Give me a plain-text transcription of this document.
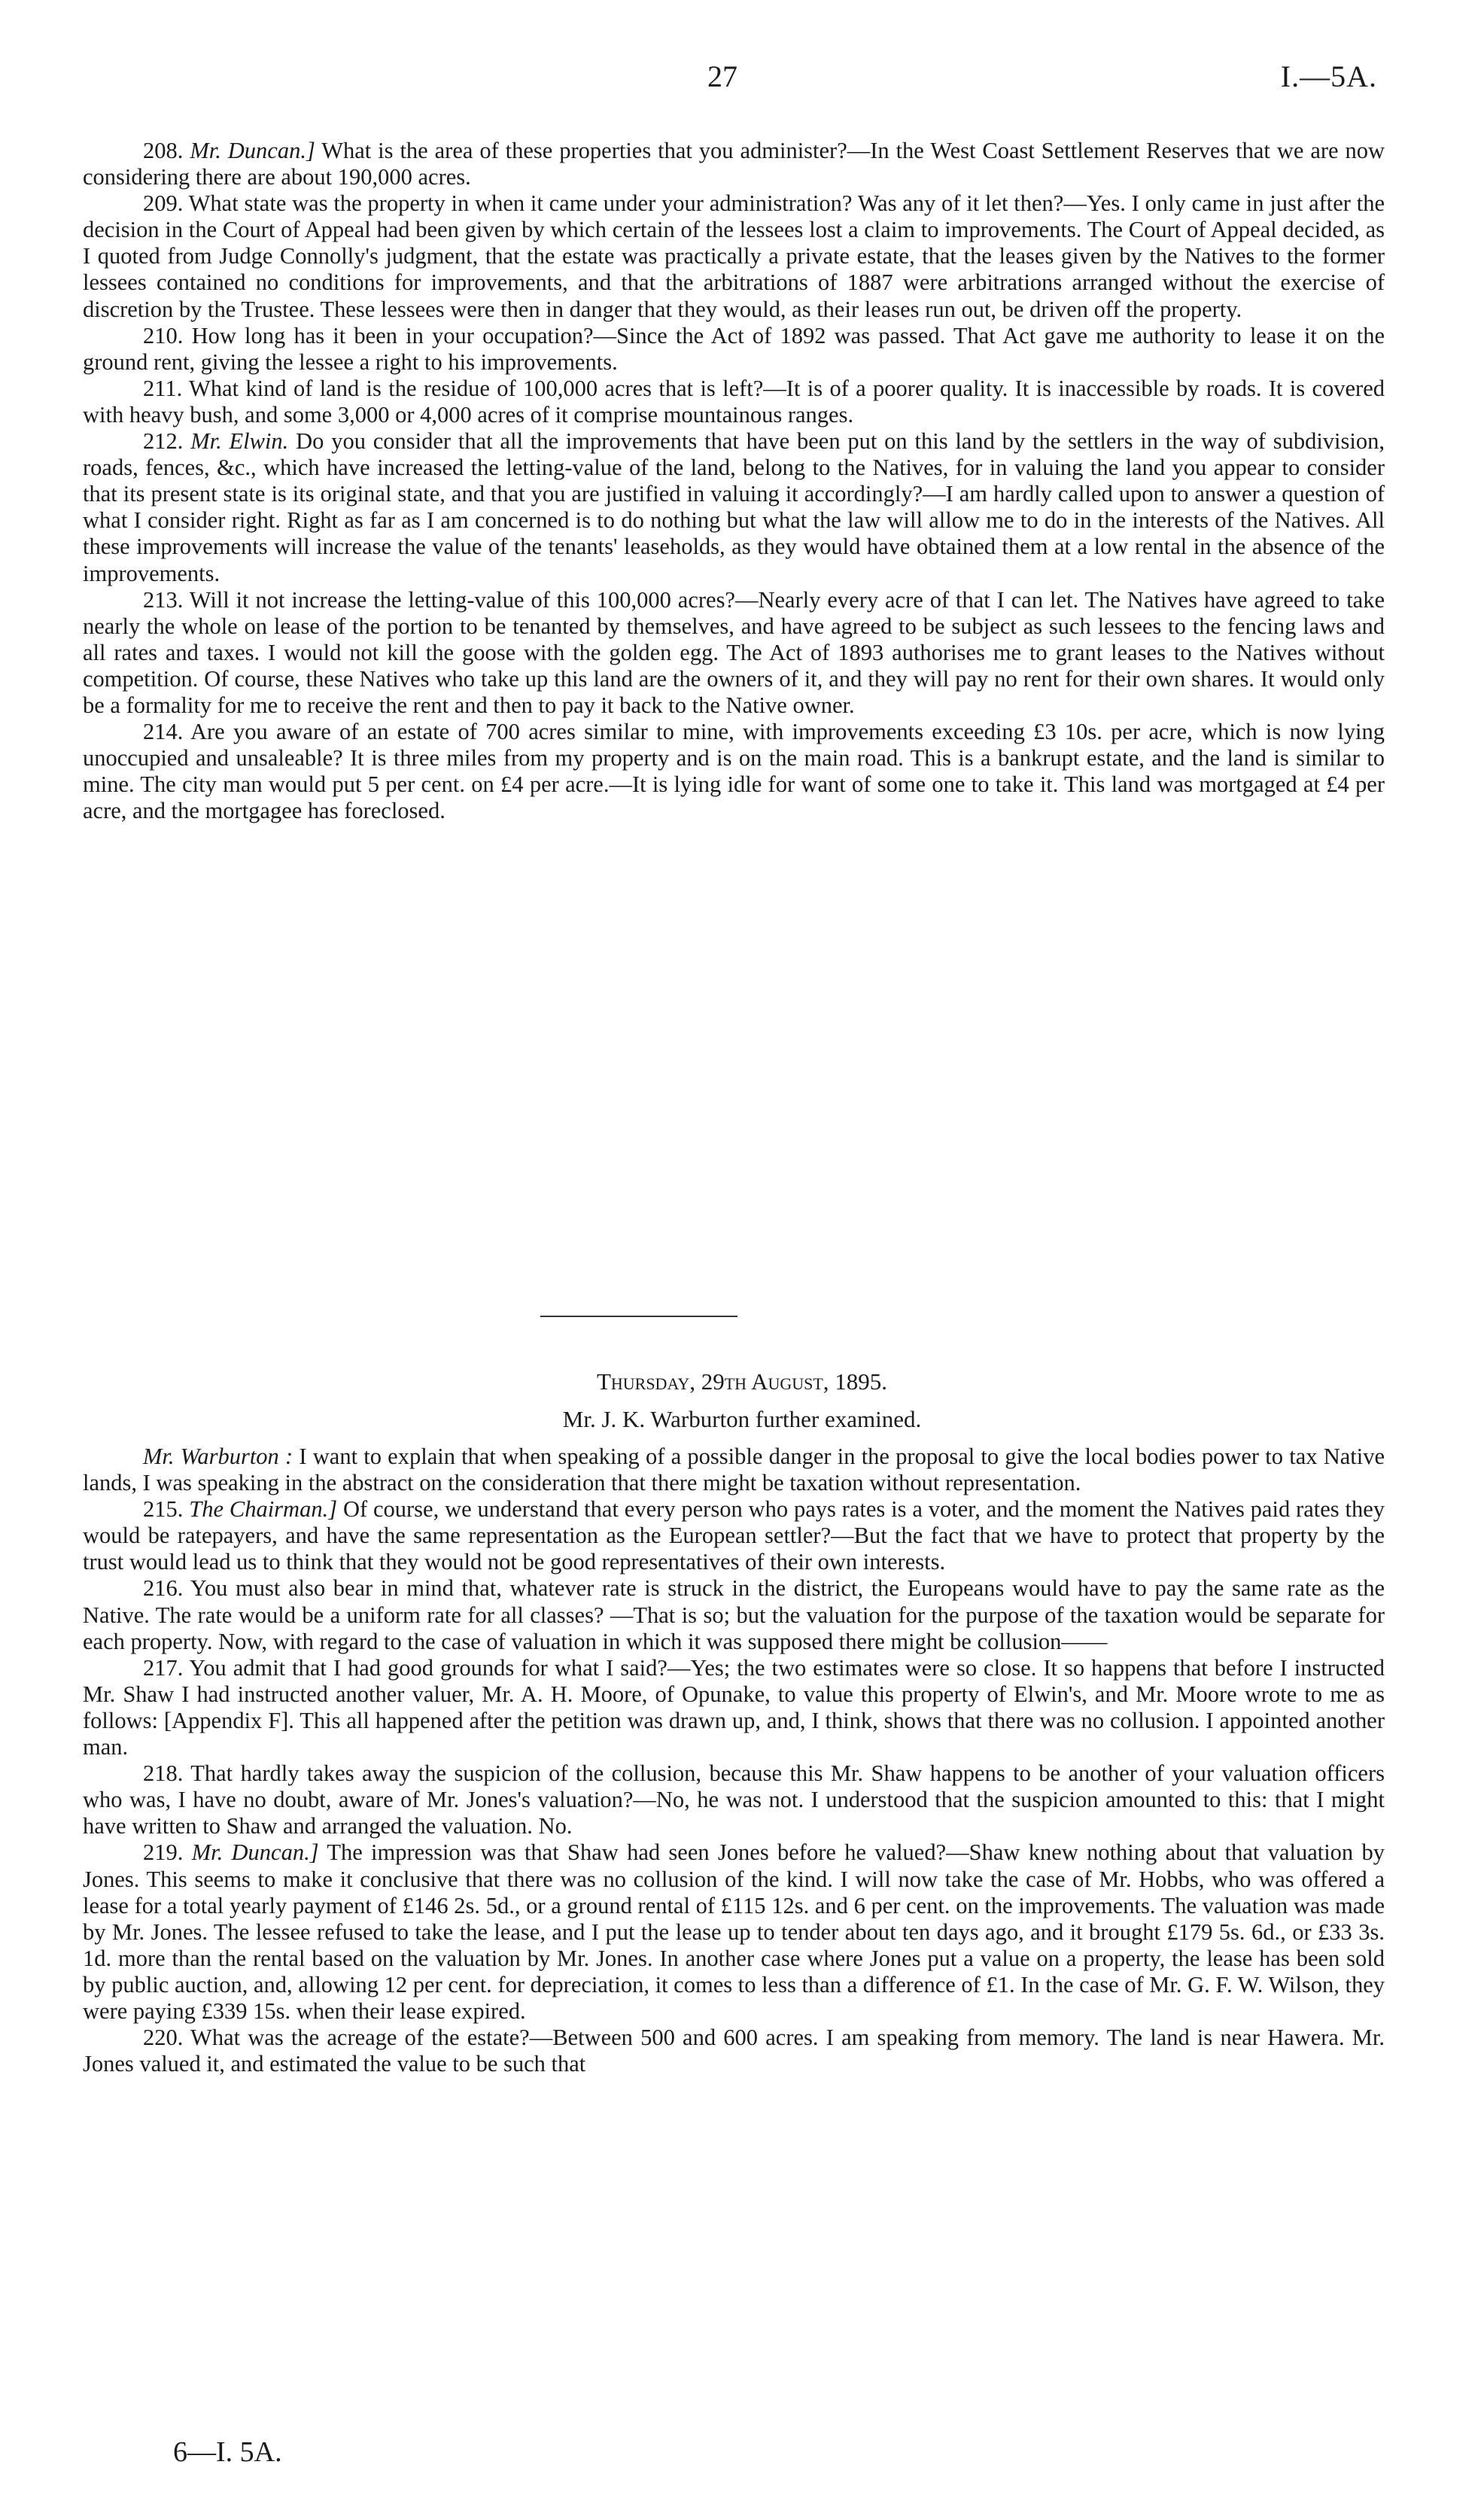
27	I.—5A.

208. Mr. Duncan.] What is the area of these properties that you administer?—In the West Coast Settlement Reserves that we are now considering there are about 190,000 acres.

209. What state was the property in when it came under your administration? Was any of it let then?—Yes. I only came in just after the decision in the Court of Appeal had been given by which certain of the lessees lost a claim to improvements. The Court of Appeal decided, as I quoted from Judge Connolly's judgment, that the estate was practically a private estate, that the leases given by the Natives to the former lessees contained no conditions for improvements, and that the arbitrations of 1887 were arbitrations arranged without the exercise of discretion by the Trustee. These lessees were then in danger that they would, as their leases run out, be driven off the property.

210. How long has it been in your occupation?—Since the Act of 1892 was passed. That Act gave me authority to lease it on the ground rent, giving the lessee a right to his improvements.

211. What kind of land is the residue of 100,000 acres that is left?—It is of a poorer quality. It is inaccessible by roads. It is covered with heavy bush, and some 3,000 or 4,000 acres of it comprise mountainous ranges.

212. Mr. Elwin. Do you consider that all the improvements that have been put on this land by the settlers in the way of subdivision, roads, fences, &c., which have increased the letting-value of the land, belong to the Natives, for in valuing the land you appear to consider that its present state is its original state, and that you are justified in valuing it accordingly?—I am hardly called upon to answer a question of what I consider right. Right as far as I am concerned is to do nothing but what the law will allow me to do in the interests of the Natives. All these improvements will increase the value of the tenants' leaseholds, as they would have obtained them at a low rental in the absence of the improvements.

213. Will it not increase the letting-value of this 100,000 acres?—Nearly every acre of that I can let. The Natives have agreed to take nearly the whole on lease of the portion to be tenanted by themselves, and have agreed to be subject as such lessees to the fencing laws and all rates and taxes. I would not kill the goose with the golden egg. The Act of 1893 authorises me to grant leases to the Natives without competition. Of course, these Natives who take up this land are the owners of it, and they will pay no rent for their own shares. It would only be a formality for me to receive the rent and then to pay it back to the Native owner.

214. Are you aware of an estate of 700 acres similar to mine, with improvements exceeding £3 10s. per acre, which is now lying unoccupied and unsaleable? It is three miles from my property and is on the main road. This is a bankrupt estate, and the land is similar to mine. The city man would put 5 per cent. on £4 per acre.—It is lying idle for want of some one to take it. This land was mortgaged at £4 per acre, and the mortgagee has foreclosed.

Thursday, 29th August, 1895.
Mr. J. K. Warburton further examined.

Mr. Warburton : I want to explain that when speaking of a possible danger in the proposal to give the local bodies power to tax Native lands, I was speaking in the abstract on the consideration that there might be taxation without representation.

215. The Chairman.] Of course, we understand that every person who pays rates is a voter, and the moment the Natives paid rates they would be ratepayers, and have the same representation as the European settler?—But the fact that we have to protect that property by the trust would lead us to think that they would not be good representatives of their own interests.

216. You must also bear in mind that, whatever rate is struck in the district, the Europeans would have to pay the same rate as the Native. The rate would be a uniform rate for all classes? —That is so; but the valuation for the purpose of the taxation would be separate for each property. Now, with regard to the case of valuation in which it was supposed there might be collusion——

217. You admit that I had good grounds for what I said?—Yes; the two estimates were so close. It so happens that before I instructed Mr. Shaw I had instructed another valuer, Mr. A. H. Moore, of Opunake, to value this property of Elwin's, and Mr. Moore wrote to me as follows: [Appendix F]. This all happened after the petition was drawn up, and, I think, shows that there was no collusion. I appointed another man.

218. That hardly takes away the suspicion of the collusion, because this Mr. Shaw happens to be another of your valuation officers who was, I have no doubt, aware of Mr. Jones's valuation?—No, he was not. I understood that the suspicion amounted to this: that I might have written to Shaw and arranged the valuation. No.

219. Mr. Duncan.] The impression was that Shaw had seen Jones before he valued?—Shaw knew nothing about that valuation by Jones. This seems to make it conclusive that there was no collusion of the kind. I will now take the case of Mr. Hobbs, who was offered a lease for a total yearly payment of £146 2s. 5d., or a ground rental of £115 12s. and 6 per cent. on the improvements. The valuation was made by Mr. Jones. The lessee refused to take the lease, and I put the lease up to tender about ten days ago, and it brought £179 5s. 6d., or £33 3s. 1d. more than the rental based on the valuation by Mr. Jones. In another case where Jones put a value on a property, the lease has been sold by public auction, and, allowing 12 per cent. for depreciation, it comes to less than a difference of £1. In the case of Mr. G. F. W. Wilson, they were paying £339 15s. when their lease expired.

220. What was the acreage of the estate?—Between 500 and 600 acres. I am speaking from memory. The land is near Hawera. Mr. Jones valued it, and estimated the value to be such that

6—I. 5A.
